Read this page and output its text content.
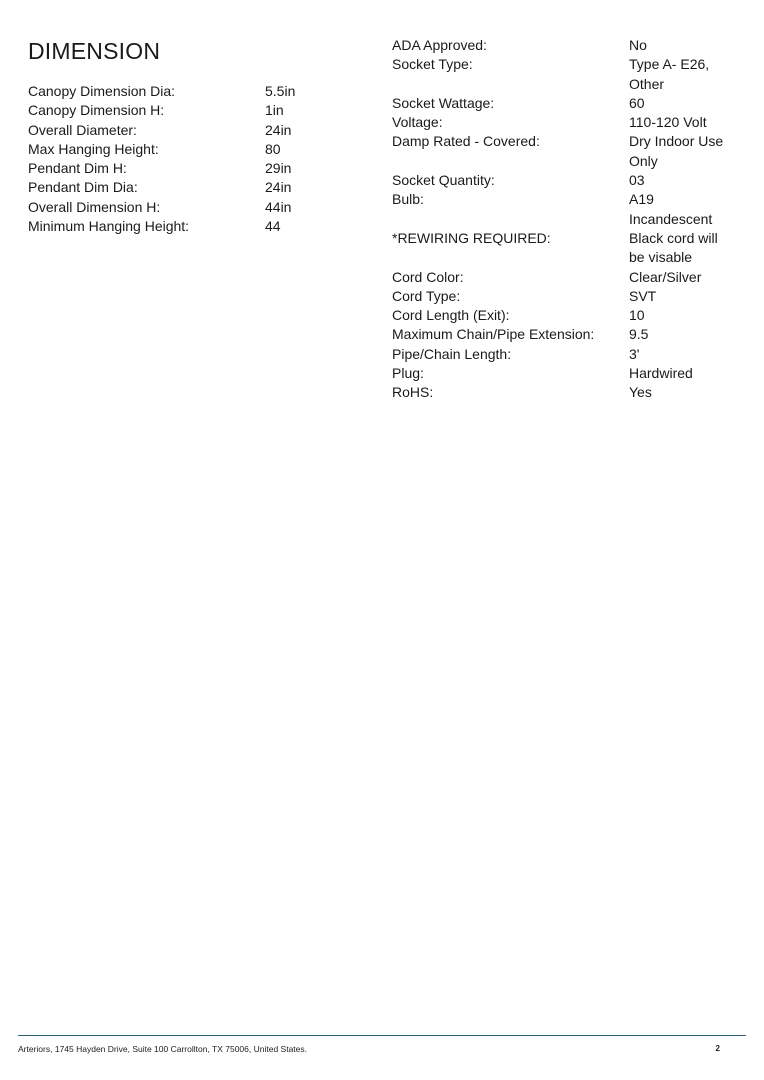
DIMENSION
Canopy Dimension Dia:	5.5in
Canopy Dimension H:	1in
Overall Diameter:	24in
Max Hanging Height:	80
Pendant Dim H:	29in
Pendant Dim Dia:	24in
Overall Dimension H:	44in
Minimum Hanging Height:	44
ADA Approved:	No
Socket Type:	Type A- E26, Other
Socket Wattage:	60
Voltage:	110-120 Volt
Damp Rated - Covered:	Dry Indoor Use Only
Socket Quantity:	03
Bulb:	A19 Incandescent
*REWIRING REQUIRED:	Black cord will be visable
Cord Color:	Clear/Silver
Cord Type:	SVT
Cord Length (Exit):	10
Maximum Chain/Pipe Extension:	9.5
Pipe/Chain Length:	3'
Plug:	Hardwired
RoHS:	Yes
Arteriors, 1745 Hayden Drive, Suite 100 Carrollton, TX 75006, United States.	2
